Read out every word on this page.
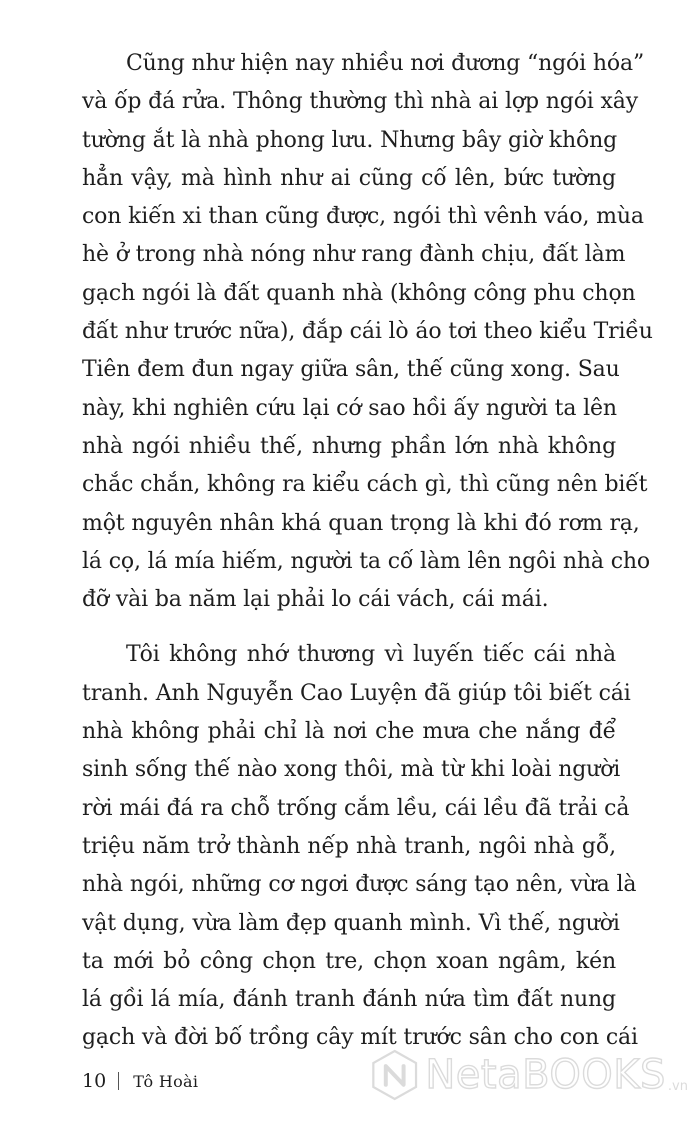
Cũng như hiện nay nhiều nơi đương “ngói hóa”
và ốp đá rửa. Thông thường thì nhà ai lợp ngói xây
tường ắt là nhà phong lưu. Nhưng bây giờ không
hẳn vậy, mà hình như ai cũng cố lên, bức tường
con kiến xi than cũng được, ngói thì vênh váo, mùa
hè ở trong nhà nóng như rang đành chịu, đất làm
gạch ngói là đất quanh nhà (không công phu chọn
đất như trước nữa), đắp cái lò áo tơi theo kiểu Triều
Tiên đem đun ngay giữa sân, thế cũng xong. Sau
này, khi nghiên cứu lại cớ sao hồi ấy người ta lên
nhà ngói nhiều thế, nhưng phần lớn nhà không
chắc chắn, không ra kiểu cách gì, thì cũng nên biết
một nguyên nhân khá quan trọng là khi đó rơm rạ,
lá cọ, lá mía hiếm, người ta cố làm lên ngôi nhà cho
đỡ vài ba năm lại phải lo cái vách, cái mái.

Tôi không nhớ thương vì luyến tiếc cái nhà
tranh. Anh Nguyễn Cao Luyện đã giúp tôi biết cái
nhà không phải chỉ là nơi che mưa che nắng để
sinh sống thế nào xong thôi, mà từ khi loài người
rời mái đá ra chỗ trống cắm lều, cái lều đã trải cả
triệu năm trở thành nếp nhà tranh, ngôi nhà gỗ,
nhà ngói, những cơ ngơi được sáng tạo nên, vừa là
vật dụng, vừa làm đẹp quanh mình. Vì thế, người
ta mới bỏ công chọn tre, chọn xoan ngâm, kén
lá gồi lá mía, đánh tranh đánh nứa tìm đất nung
gạch và đời bố trồng cây mít trước sân cho con cái

10 Tô Hoài	NetaBOOKS .vn
